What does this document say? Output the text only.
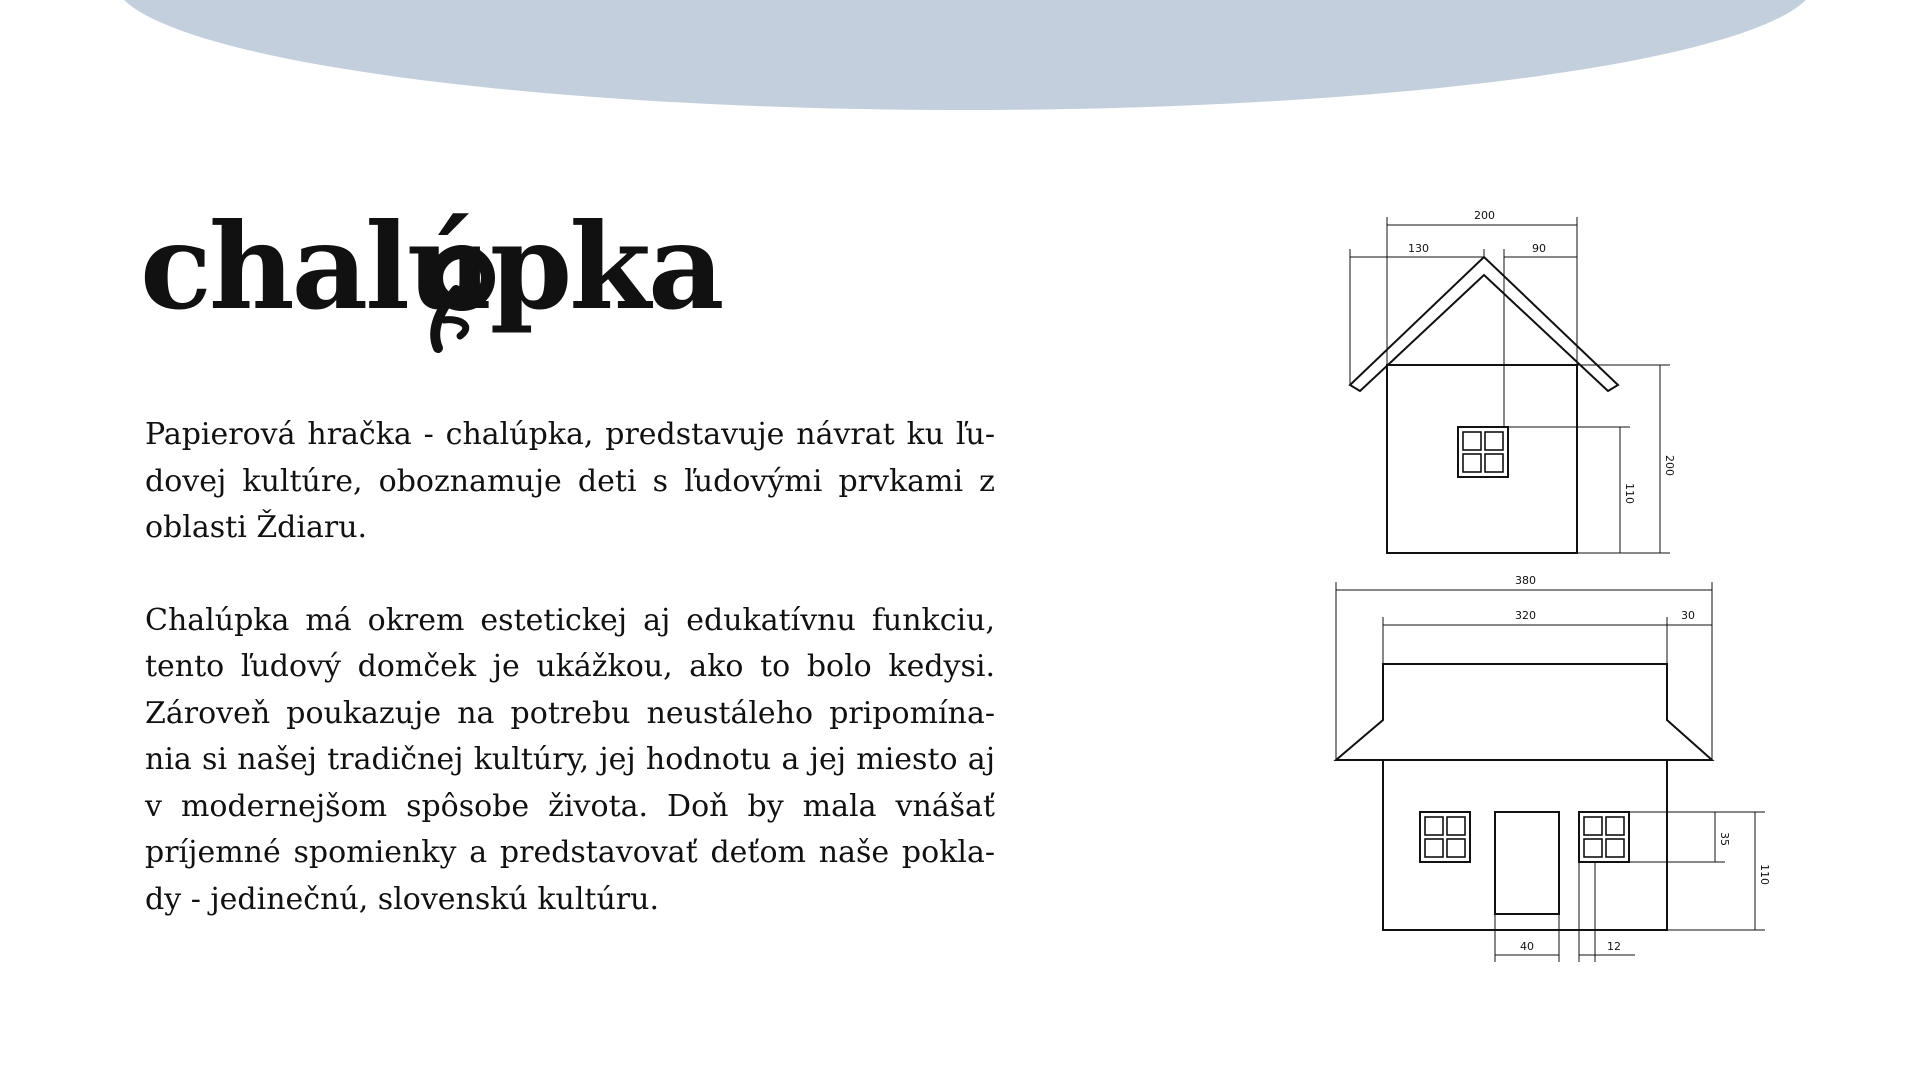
chalúpka

Papierová hračka - chalúpka, predstavuje návrat ku ľudovej kultúre, oboznamuje deti s ľudovými prvkami z oblasti Ždiaru.

Chalúpka má okrem estetickej aj edukatívnu funkciu, tento ľudový domček je ukážkou, ako to bolo kedysi. Zároveň poukazuje na potrebu neustáleho pripomínania si našej tradičnej kultúry, jej hodnotu a jej miesto aj v modernejšom spôsobe života. Doň by mala vnášať príjemné spomienky a predstavovať deťom naše poklady - jedinečnú, slovenskú kultúru.

200
130	90
200
110
380
320	30
35
110
40	12
